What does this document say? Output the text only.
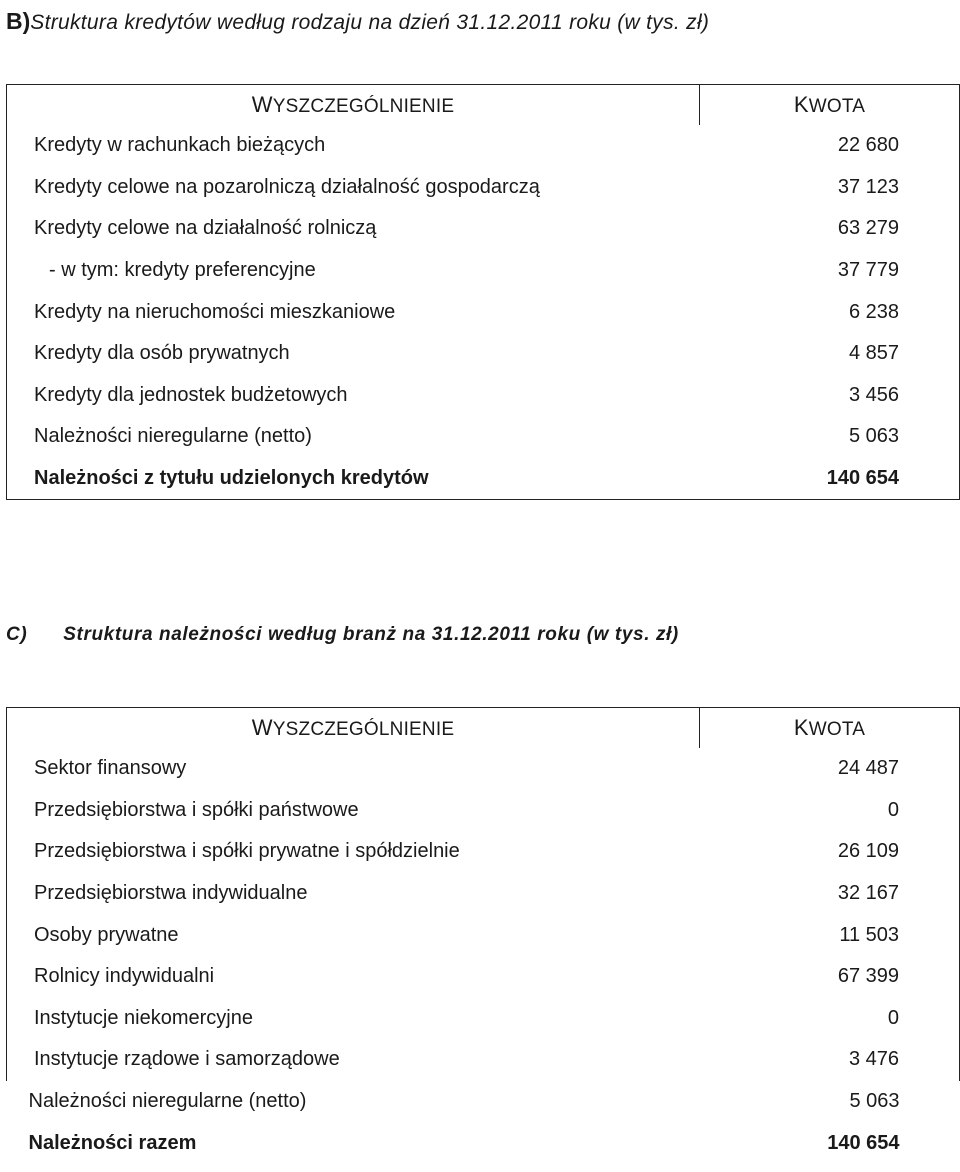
B)Struktura kredytów według rodzaju na dzień 31.12.2011 roku (w tys. zł)
WYSZCZEGÓLNIENIE	KWOTA
Kredyty w rachunkach bieżących	22 680
Kredyty celowe na pozarolniczą działalność gospodarczą	37 123
Kredyty celowe na działalność rolniczą	63 279
- w tym: kredyty preferencyjne	37 779
Kredyty na nieruchomości mieszkaniowe	6 238
Kredyty dla osób prywatnych	4 857
Kredyty dla jednostek budżetowych	3 456
Należności nieregularne (netto)	5 063
Należności z tytułu udzielonych kredytów	140 654
C) Struktura należności według branż na 31.12.2011 roku (w tys. zł)
WYSZCZEGÓLNIENIE	KWOTA
Sektor finansowy	24 487
Przedsiębiorstwa i spółki państwowe	0
Przedsiębiorstwa i spółki prywatne i spółdzielnie	26 109
Przedsiębiorstwa indywidualne	32 167
Osoby prywatne	11 503
Rolnicy indywidualni	67 399
Instytucje niekomercyjne	0
Instytucje rządowe i samorządowe	3 476
Należności nieregularne (netto)	5 063
Należności razem	140 654
